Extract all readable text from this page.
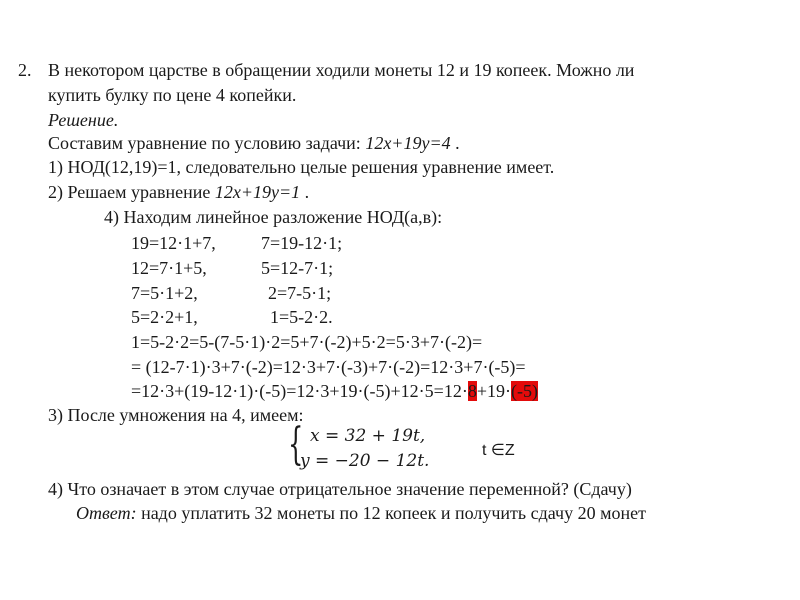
2. В некотором царстве в обращении ходили монеты 12 и 19 копеек. Можно ли
купить булку по цене 4 копейки.
Решение.
Составим уравнение по условию задачи: 12x+19y=4 .
1) НОД(12,19)=1, следовательно целые решения уравнение имеет.
2) Решаем уравнение 12x+19y=1 .
4) Находим линейное разложение НОД(а,в):
19=12·1+7,	7=19-12·1;
12=7·1+5,	5=12-7·1;
7=5·1+2,	2=7-5·1;
5=2·2+1,	1=5-2·2.
1=5-2·2=5-(7-5·1)·2=5+7·(-2)+5·2=5·3+7·(-2)=
= (12-7·1)·3+7·(-2)=12·3+7·(-3)+7·(-2)=12·3+7·(-5)=
=12·3+(19-12·1)·(-5)=12·3+19·(-5)+12·5=12·8+19·(-5)
3) После умножения на 4, имеем:
{ x = 32 + 19t,
y = −20 − 12t.
t ∈Z
4) Что означает в этом случае отрицательное значение переменной? (Сдачу)
Ответ: надо уплатить 32 монеты по 12 копеек и получить сдачу 20 монет
